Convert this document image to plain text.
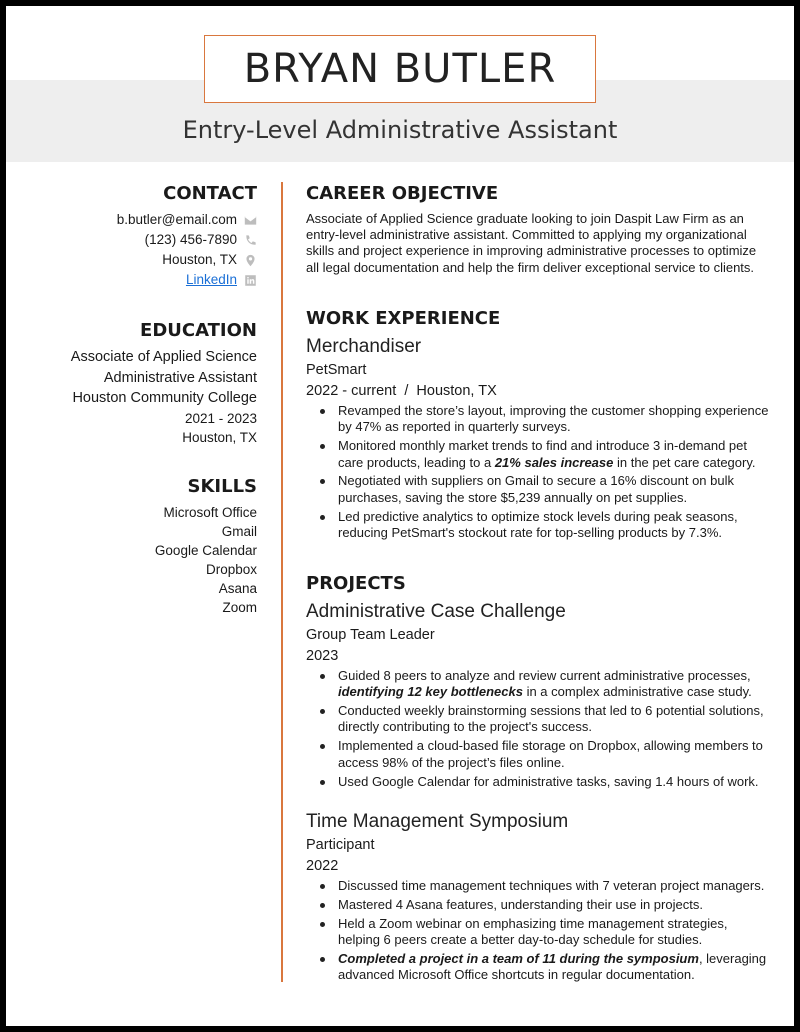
BRYAN BUTLER
Entry-Level Administrative Assistant
CONTACT
b.butler@email.com
(123) 456-7890
Houston, TX
LinkedIn
EDUCATION
Associate of Applied Science
Administrative Assistant
Houston Community College
2021 - 2023
Houston, TX
SKILLS
Microsoft Office
Gmail
Google Calendar
Dropbox
Asana
Zoom
CAREER OBJECTIVE

Associate of Applied Science graduate looking to join Daspit Law Firm as an entry-level administrative assistant. Committed to applying my organizational skills and project experience in improving administrative processes to optimize all legal documentation and help the firm deliver exceptional service to clients.

WORK EXPERIENCE
Merchandiser
PetSmart
2022 - current  /  Houston, TX
Revamped the store’s layout, improving the customer shopping experience by 47% as reported in quarterly surveys.
Monitored monthly market trends to find and introduce 3 in-demand pet care products, leading to a 21% sales increase in the pet care category.
Negotiated with suppliers on Gmail to secure a 16% discount on bulk purchases, saving the store $5,239 annually on pet supplies.
Led predictive analytics to optimize stock levels during peak seasons, reducing PetSmart's stockout rate for top-selling products by 7.3%.
PROJECTS
Administrative Case Challenge
Group Team Leader
2023
Guided 8 peers to analyze and review current administrative processes, identifying 12 key bottlenecks in a complex administrative case study.
Conducted weekly brainstorming sessions that led to 6 potential solutions, directly contributing to the project's success.
Implemented a cloud-based file storage on Dropbox, allowing members to access 98% of the project’s files online.
Used Google Calendar for administrative tasks, saving 1.4 hours of work.
Time Management Symposium
Participant
2022
Discussed time management techniques with 7 veteran project managers.
Mastered 4 Asana features, understanding their use in projects.
Held a Zoom webinar on emphasizing time management strategies, helping 6 peers create a better day-to-day schedule for studies.
Completed a project in a team of 11 during the symposium, leveraging advanced Microsoft Office shortcuts in regular documentation.
